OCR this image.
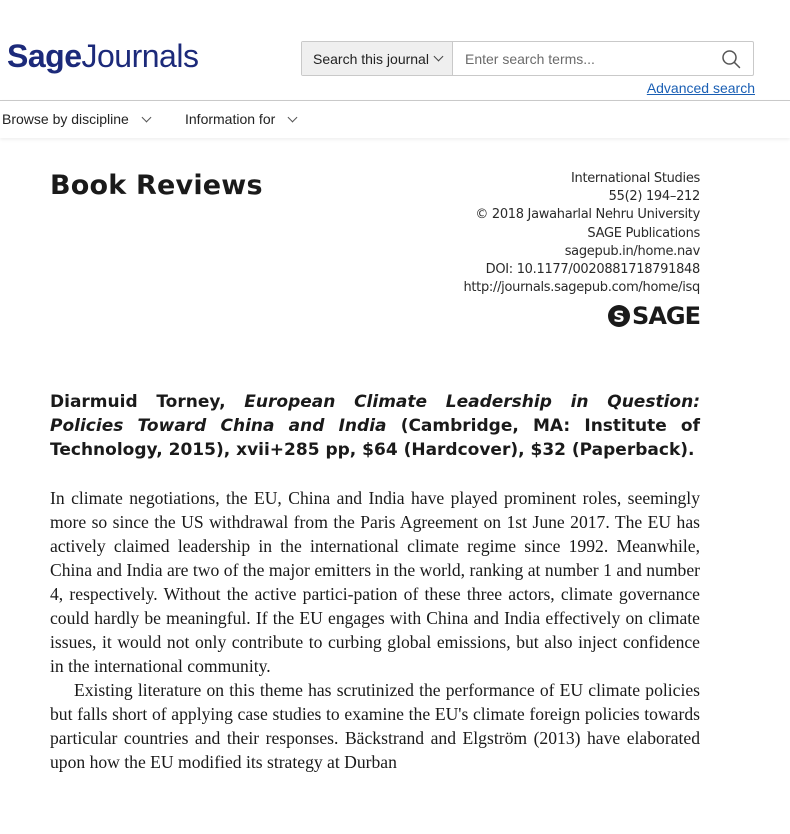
SageJournals	Search this journal
Enter search terms...
Advanced search
Browse by discipline	Information for
Book Reviews	International Studies
55(2) 194–212
© 2018 Jawaharlal Nehru University
SAGE Publications
sagepub.in/home.nav
DOI: 10.1177/0020881718791848
http://journals.sagepub.com/home/isq
S SAGE
Diarmuid Torney, European Climate Leadership in Question: Policies Toward China and India (Cambridge, MA: Institute of Technology, 2015), xvii+285 pp, $64 (Hardcover), $32 (Paperback).

In climate negotiations, the EU, China and India have played prominent roles, seemingly more so since the US withdrawal from the Paris Agreement on 1st June 2017. The EU has actively claimed leadership in the international climate regime since 1992. Meanwhile, China and India are two of the major emitters in the world, ranking at number 1 and number 4, respectively. Without the active partici-pation of these three actors, climate governance could hardly be meaningful. If the EU engages with China and India effectively on climate issues, it would not only contribute to curbing global emissions, but also inject confidence in the international community.

Existing literature on this theme has scrutinized the performance of EU climate policies but falls short of applying case studies to examine the EU's climate foreign policies towards particular countries and their responses. Bäckstrand and Elgström (2013) have elaborated upon how the EU modified its strategy at Durban
